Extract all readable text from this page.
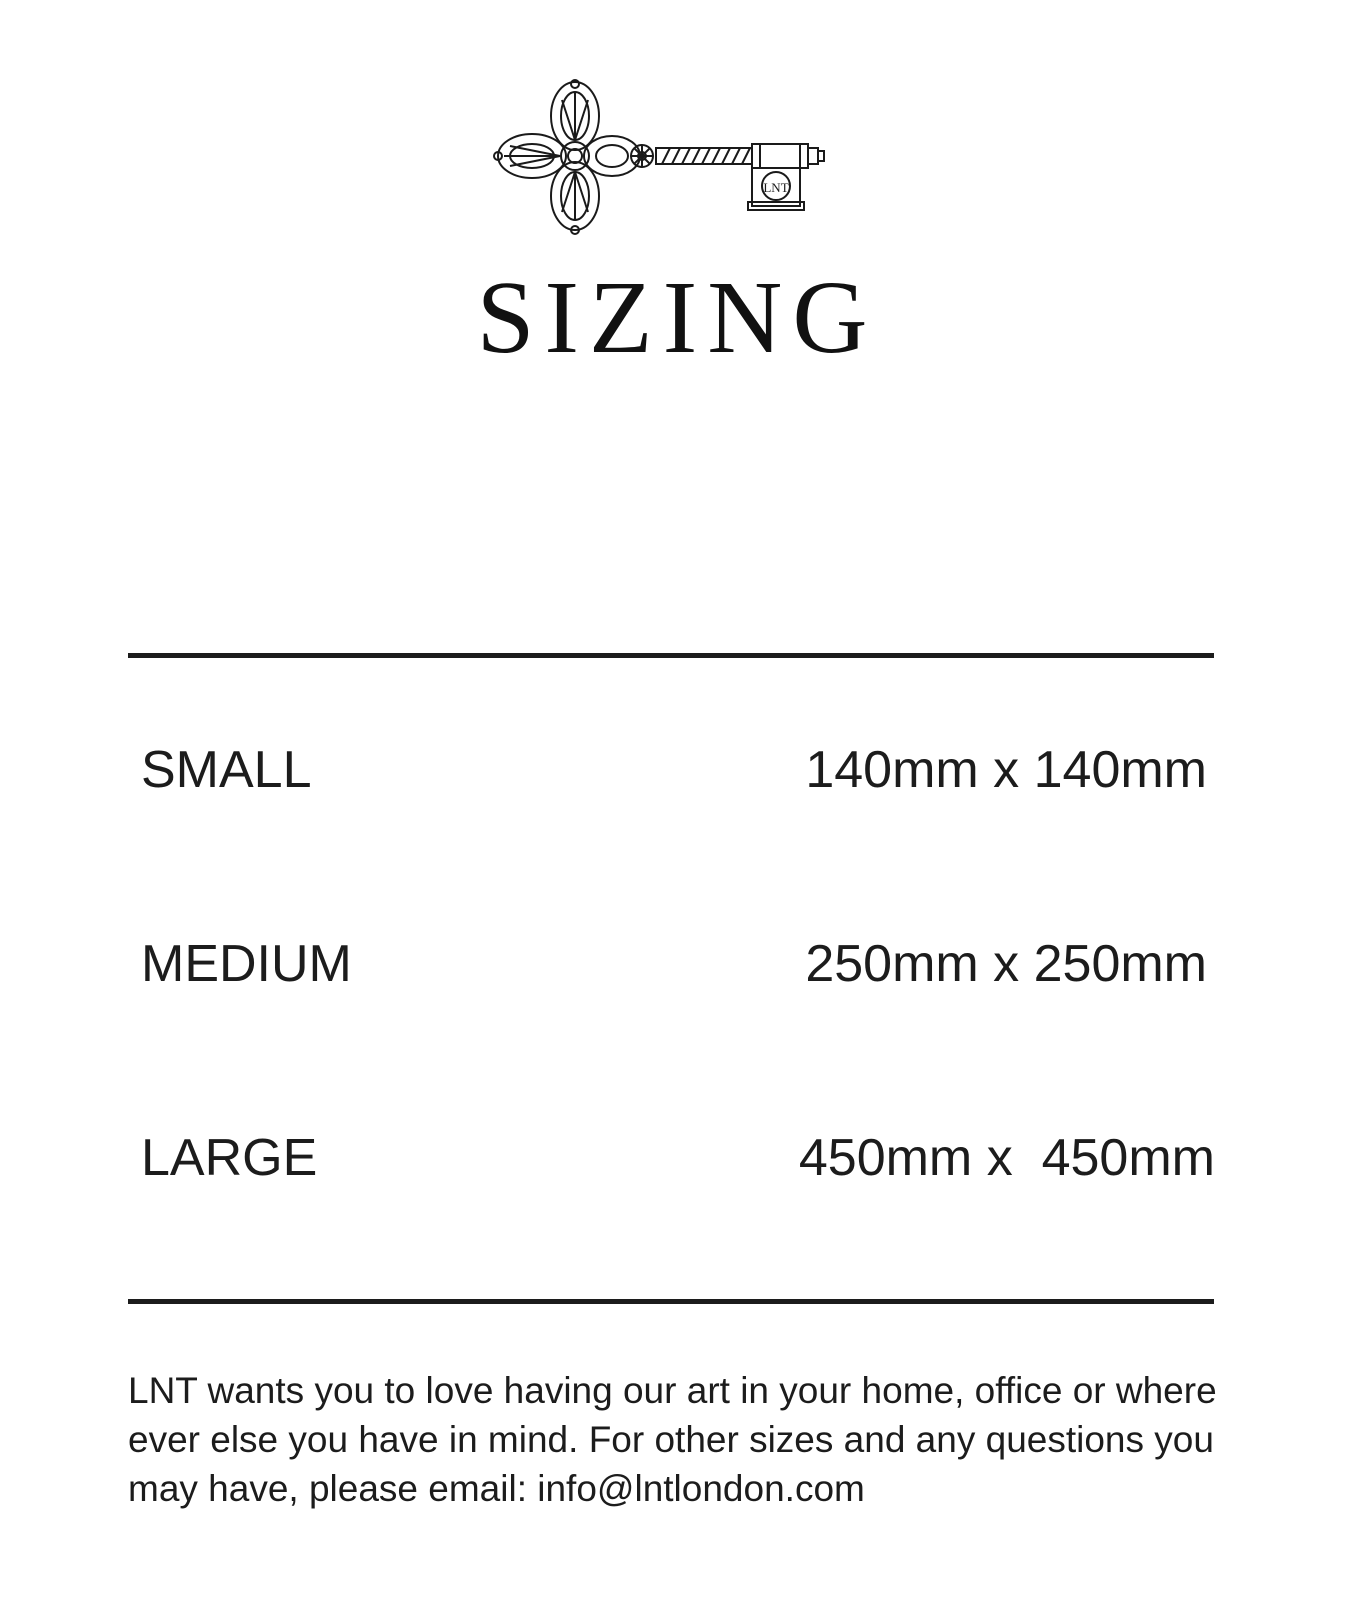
LNT
SIZING
SMALL	140mm x 140mm
MEDIUM	250mm x 250mm
LARGE	450mm x  450mm

LNT wants you to love having our art in your home, office or where ever else you have in mind. For other sizes and any questions you may have, please email: info@lntlondon.com
